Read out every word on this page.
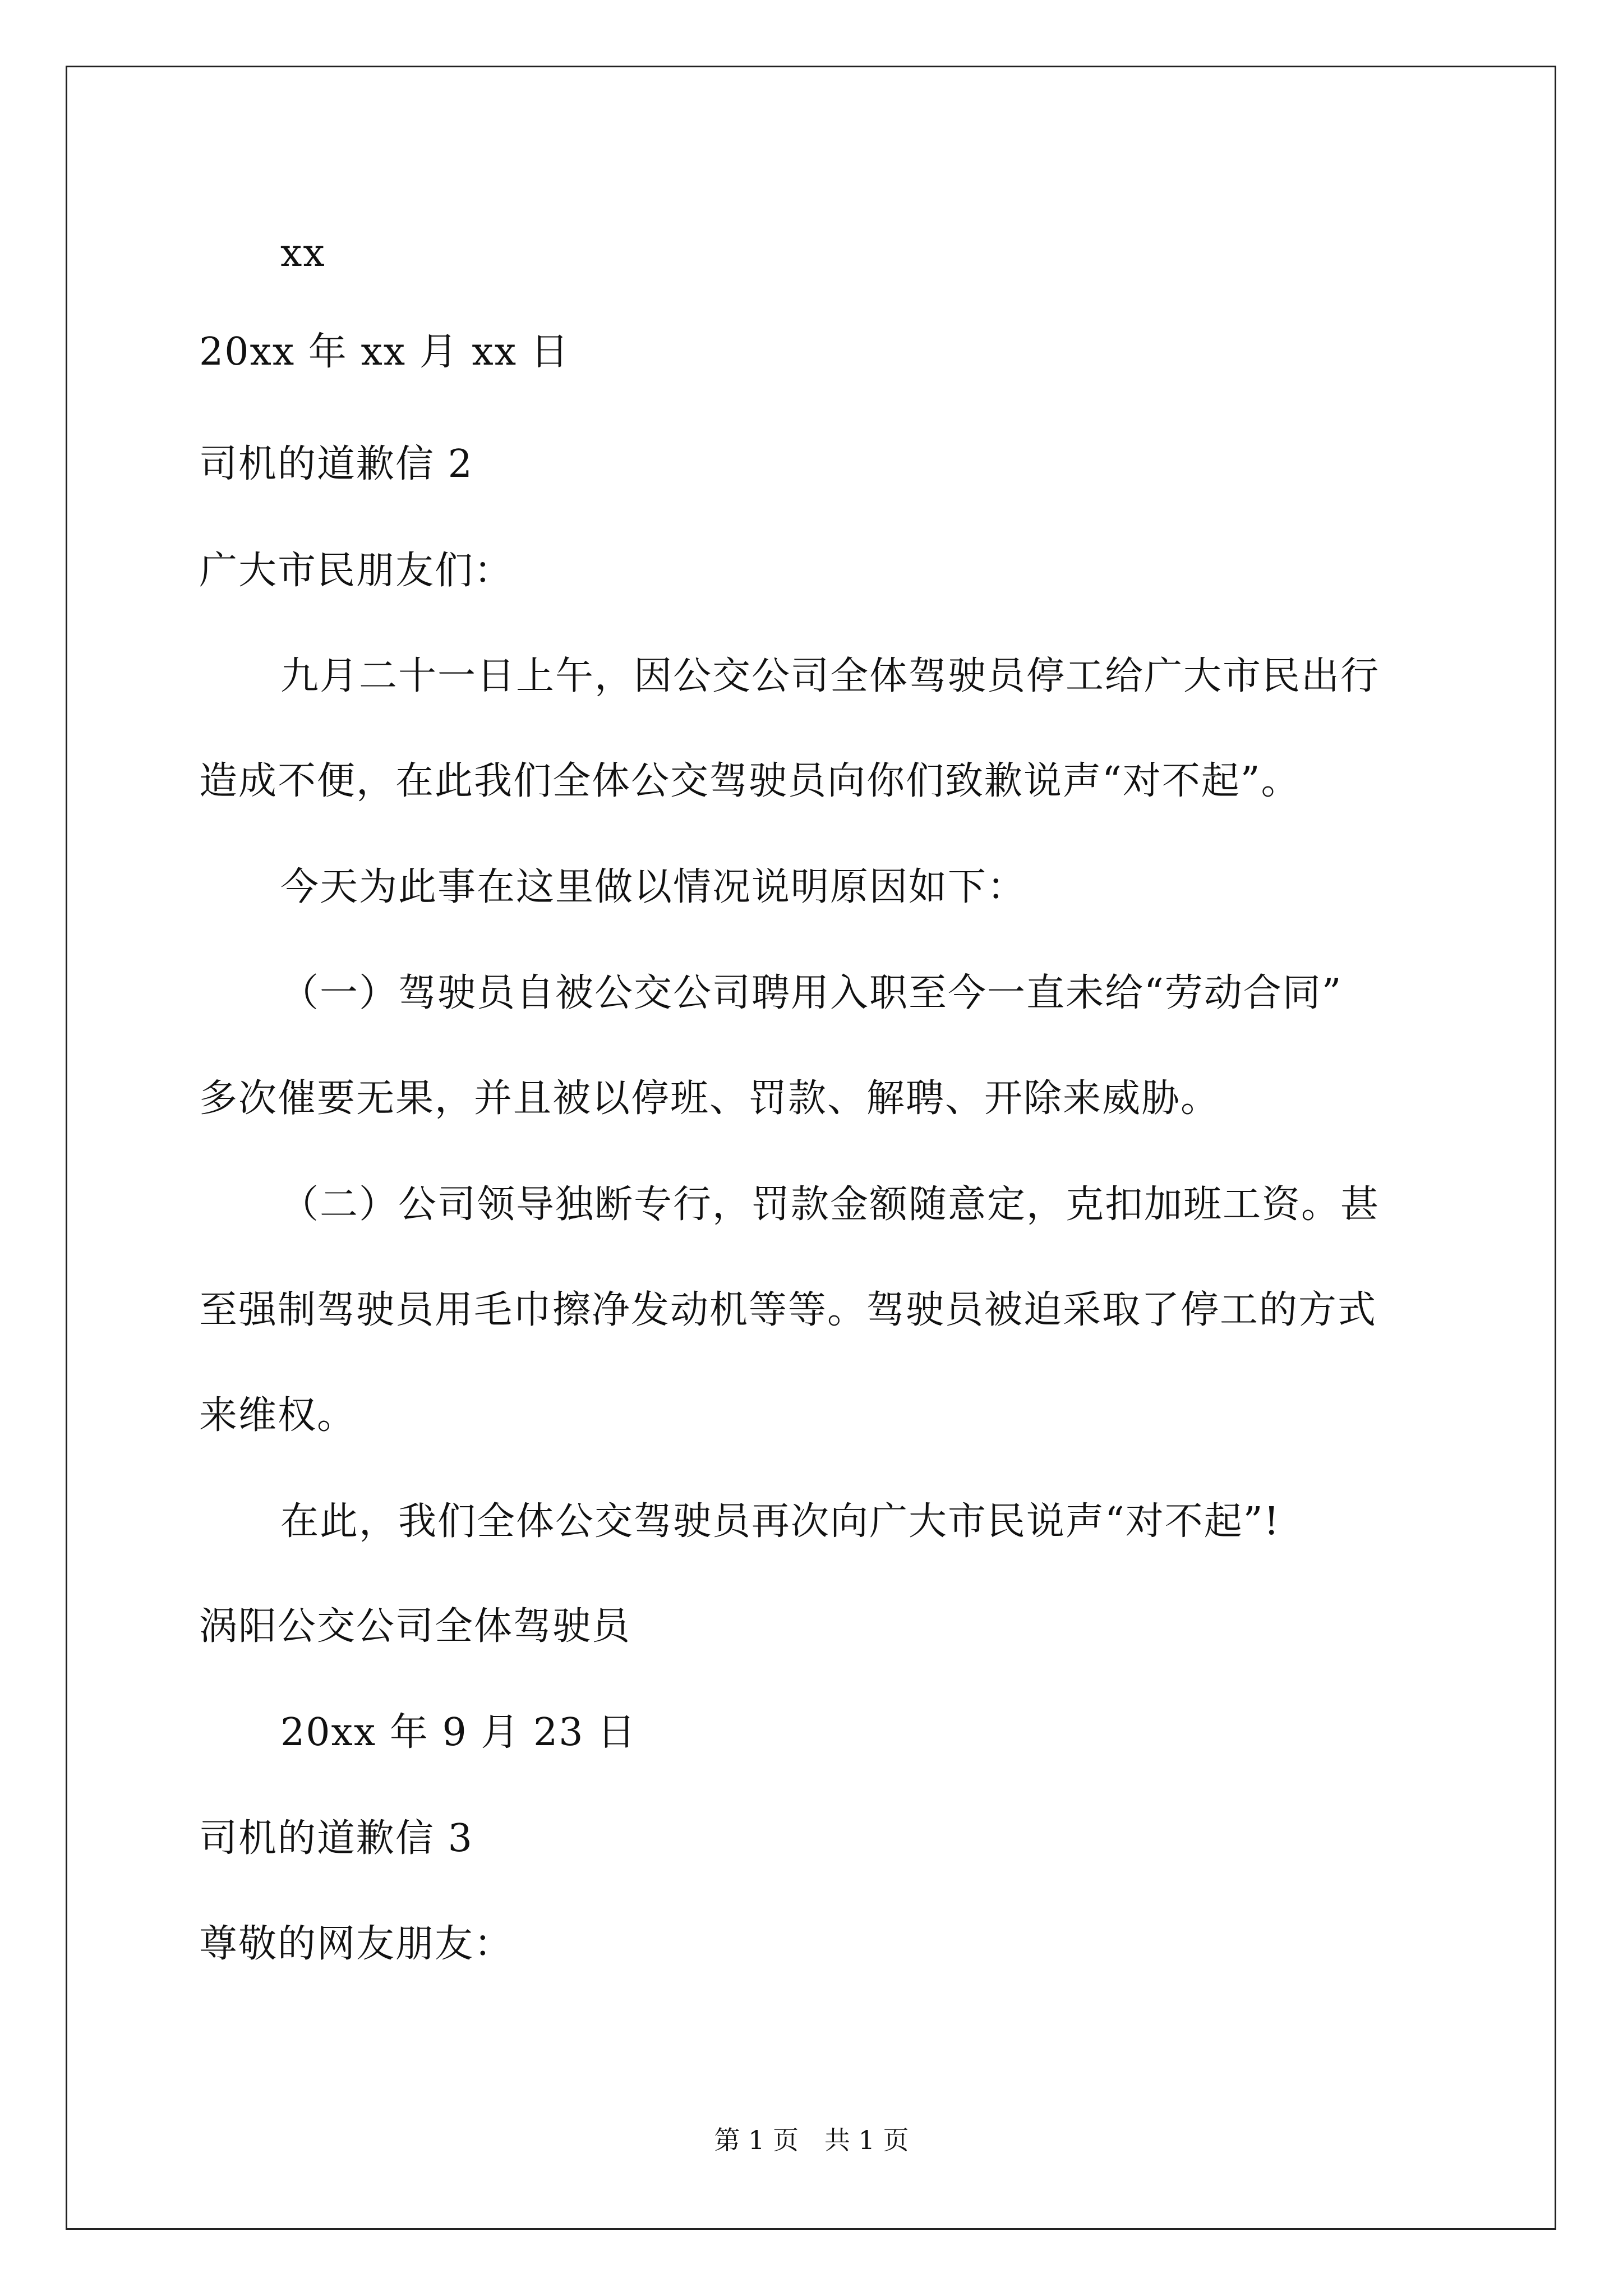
xx
20xx 年 xx 月 xx 日
司机的道歉信 2
广大市民朋友们：
九月二十一日上午，因公交公司全体驾驶员停工给广大市民出行
造成不便，在此我们全体公交驾驶员向你们致歉说声“对不起”。
今天为此事在这里做以情况说明原因如下：
（一）驾驶员自被公交公司聘用入职至今一直未给“劳动合同”
多次催要无果，并且被以停班、罚款、解聘、开除来威胁。
（二）公司领导独断专行，罚款金额随意定，克扣加班工资。甚
至强制驾驶员用毛巾擦净发动机等等。驾驶员被迫采取了停工的方式
来维权。
在此，我们全体公交驾驶员再次向广大市民说声“对不起”!
涡阳公交公司全体驾驶员
20xx 年 9 月 23 日
司机的道歉信 3
尊敬的网友朋友：
第 1 页 共 1 页
